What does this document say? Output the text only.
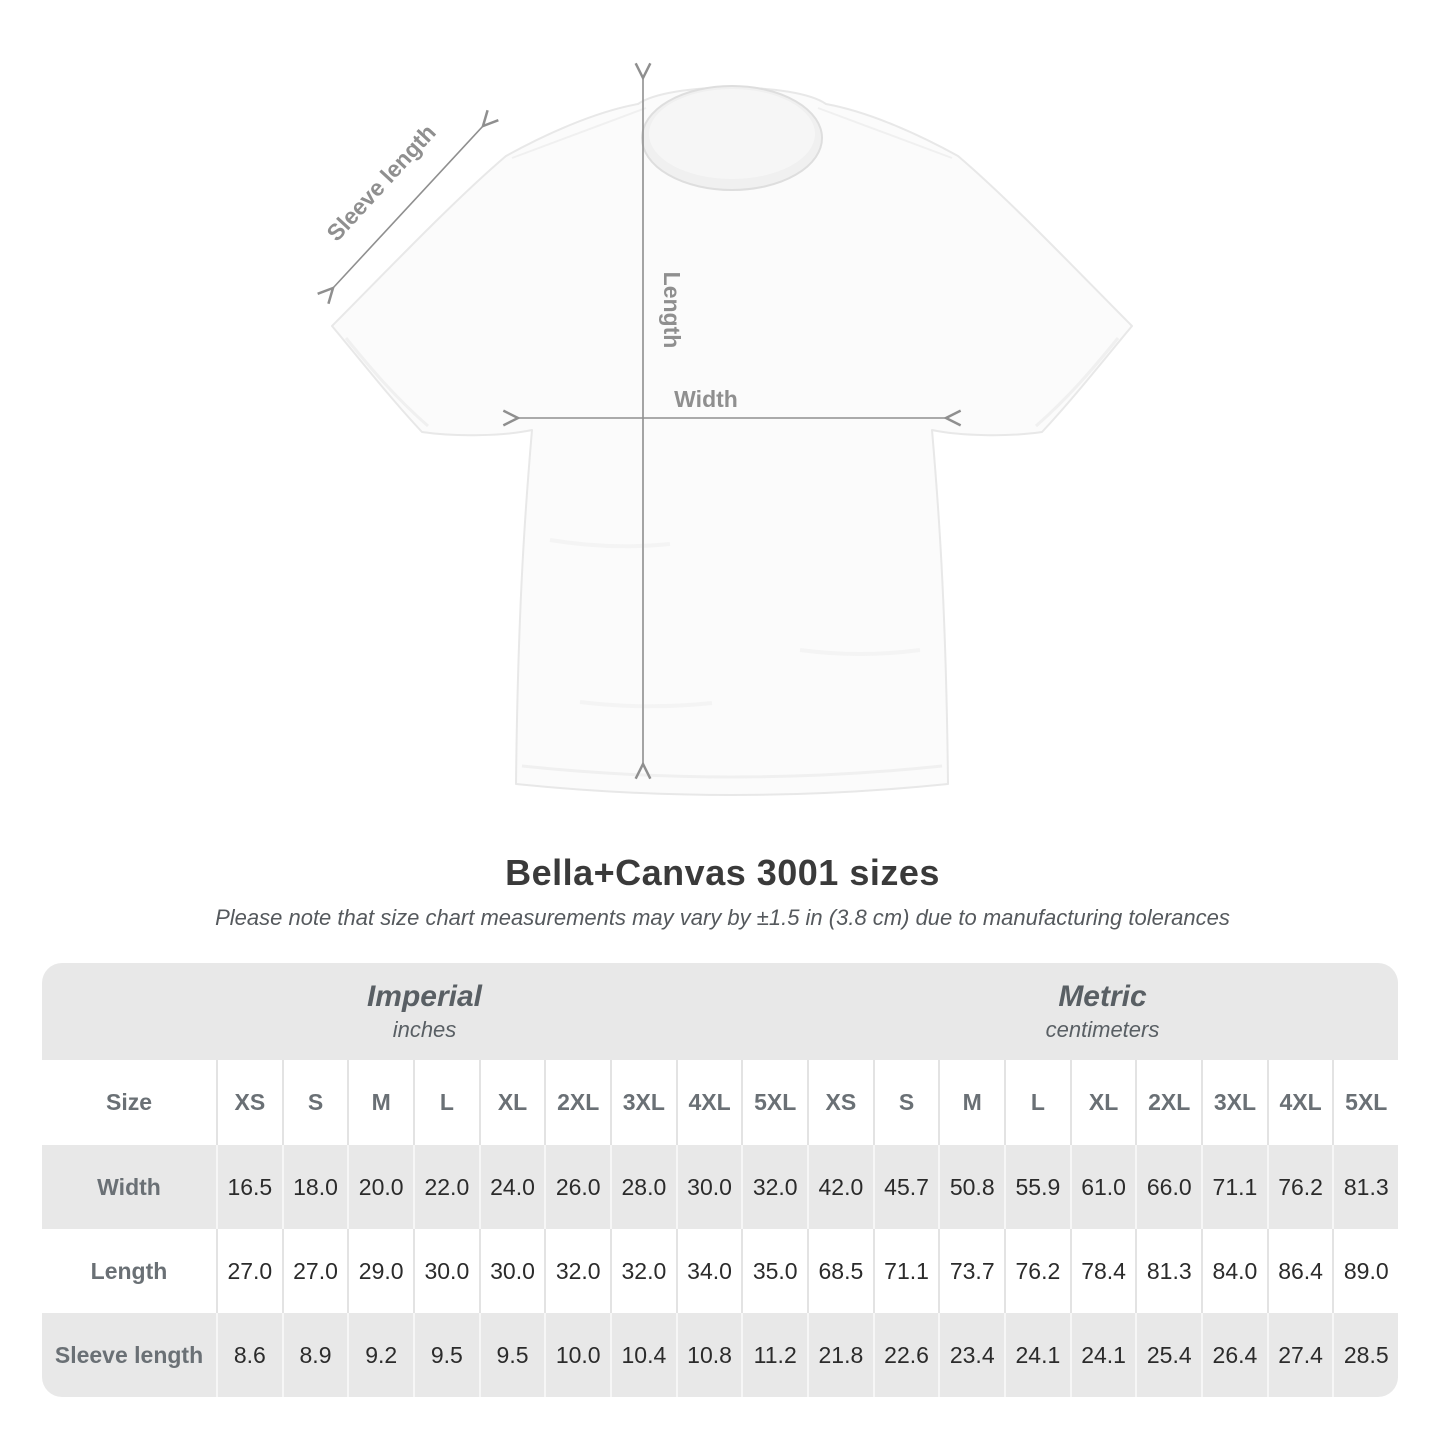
Width
Length
Sleeve length
Bella+Canvas 3001 sizes
Please note that size chart measurements may vary by ±1.5 in (3.8 cm) due to manufacturing tolerances
Imperial
inches
Metric
centimeters
Size	XS	S	M	L	XL	2XL	3XL	4XL	5XL	XS	S	M	L	XL	2XL	3XL	4XL	5XL
Width	16.5 18.0 20.0 22.0 24.0 26.0 28.0 30.0 32.0 42.0 45.7 50.8 55.9 61.0 66.0 71.1 76.2 81.3
Length	27.0 27.0 29.0 30.0 30.0 32.0 32.0 34.0 35.0 68.5 71.1 73.7 76.2 78.4 81.3 84.0 86.4 89.0
Sleeve length	8.6	8.9	9.2	9.5	9.5	10.0 10.4 10.8 11.2 21.8 22.6 23.4 24.1 24.1 25.4 26.4 27.4 28.5
